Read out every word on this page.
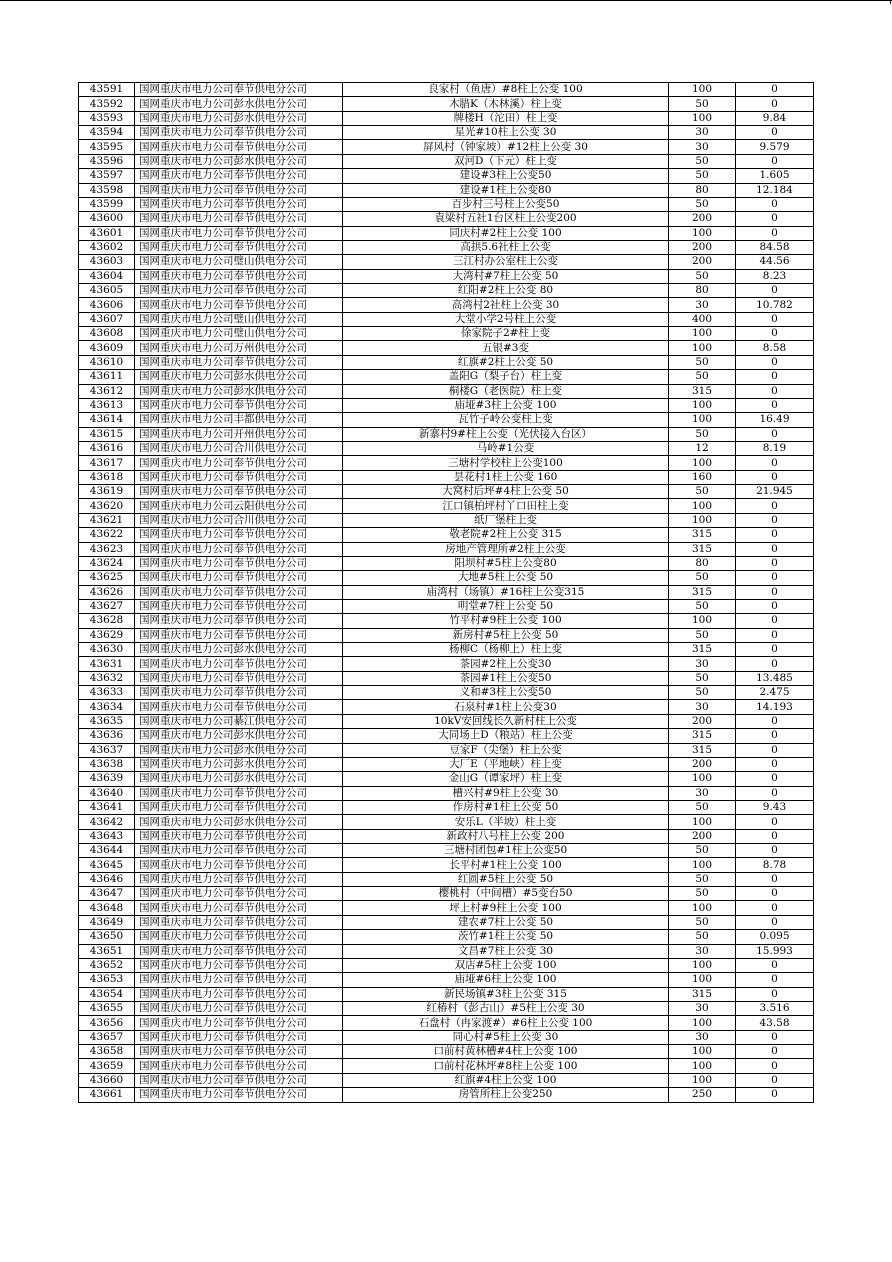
43591	国网重庆市电力公司奉节供电分公司	良家村（鱼唐）#8柱上公变 100	100	0
43592	国网重庆市电力公司彭水供电分公司	木腊K（木林溪）柱上变	50	0
43593	国网重庆市电力公司彭水供电分公司	牌楼H（沱田）柱上变	100	9.84
43594	国网重庆市电力公司奉节供电分公司	星光#10柱上公变 30	30	0
43595	国网重庆市电力公司奉节供电分公司	屏风村（钟家坡）#12柱上公变 30	30	9.579
43596	国网重庆市电力公司彭水供电分公司	双河D（下元）柱上变	50	0
43597	国网重庆市电力公司奉节供电分公司	建设#3柱上公变50	50	1.605
43598	国网重庆市电力公司奉节供电分公司	建设#1柱上公变80	80	12.184
43599	国网重庆市电力公司奉节供电分公司	百步村三号柱上公变50	50	0
43600	国网重庆市电力公司奉节供电分公司	袁梁村五社1台区柱上公变200	200	0
43601	国网重庆市电力公司奉节供电分公司	同庆村#2柱上公变 100	100	0
43602	国网重庆市电力公司奉节供电分公司	高拱5.6社柱上公变	200	84.58
43603	国网重庆市电力公司璧山供电分公司	三江村办公室柱上公变	200	44.56
43604	国网重庆市电力公司奉节供电分公司	大湾村#7柱上公变 50	50	8.23
43605	国网重庆市电力公司奉节供电分公司	红阳#2柱上公变 80	80	0
43606	国网重庆市电力公司奉节供电分公司	高湾村2社柱上公变 30	30	10.782
43607	国网重庆市电力公司璧山供电分公司	大堂小学2号柱上公变	400	0
43608	国网重庆市电力公司璧山供电分公司	徐家院子2#柱上变	100	0
43609	国网重庆市电力公司万州供电分公司	五银#3变	100	8.58
43610	国网重庆市电力公司奉节供电分公司	红旗#2柱上公变 50	50	0
43611	国网重庆市电力公司彭水供电分公司	盖阳G（梨子台）柱上变	50	0
43612	国网重庆市电力公司彭水供电分公司	桐楼G（老医院）柱上变	315	0
43613	国网重庆市电力公司奉节供电分公司	庙垭#3柱上公变 100	100	0
43614	国网重庆市电力公司丰都供电分公司	瓦竹子岭公变柱上变	100	16.49
43615	国网重庆市电力公司开州供电分公司	新寨村9#柱上公变（光伏接入台区）	50	0
43616	国网重庆市电力公司合川供电分公司	马岭#1公变	12	8.19
43617	国网重庆市电力公司奉节供电分公司	三塘村学校柱上公变100	100	0
43618	国网重庆市电力公司奉节供电分公司	昙花村1柱上公变 160	160	0
43619	国网重庆市电力公司奉节供电分公司	大窝村后坪#4柱上公变 50	50	21.945
43620	国网重庆市电力公司云阳供电分公司	江口镇柏坪村丫口田柱上变	100	0
43621	国网重庆市电力公司合川供电分公司	纸厂堡柱上变	100	0
43622	国网重庆市电力公司奉节供电分公司	敬老院#2柱上公变 315	315	0
43623	国网重庆市电力公司奉节供电分公司	房地产管理所#2柱上公变	315	0
43624	国网重庆市电力公司奉节供电分公司	阳坝村#5柱上公变80	80	0
43625	国网重庆市电力公司奉节供电分公司	大地#5柱上公变 50	50	0
43626	国网重庆市电力公司奉节供电分公司	庙湾村（场镇）#16柱上公变315	315	0
43627	国网重庆市电力公司奉节供电分公司	明堂#7柱上公变 50	50	0
43628	国网重庆市电力公司奉节供电分公司	竹平村#9柱上公变 100	100	0
43629	国网重庆市电力公司奉节供电分公司	新房村#5柱上公变 50	50	0
43630	国网重庆市电力公司彭水供电分公司	杨柳C（杨柳上）柱上变	315	0
43631	国网重庆市电力公司奉节供电分公司	茶园#2柱上公变30	30	0
43632	国网重庆市电力公司奉节供电分公司	茶园#1柱上公变50	50	13.485
43633	国网重庆市电力公司奉节供电分公司	义和#3柱上公变50	50	2.475
43634	国网重庆市电力公司奉节供电分公司	石泉村#1柱上公变30	30	14.193
43635	国网重庆市电力公司綦江供电分公司	10kV安回线长久新村柱上公变	200	0
43636	国网重庆市电力公司彭水供电分公司	大同场上D（粮站）柱上公变	315	0
43637	国网重庆市电力公司彭水供电分公司	豆家F（尖堡）柱上公变	315	0
43638	国网重庆市电力公司彭水供电分公司	大厂E（平地峡）柱上变	200	0
43639	国网重庆市电力公司彭水供电分公司	金山G（谭家坪）柱上变	100	0
43640	国网重庆市电力公司奉节供电分公司	槽兴村#9柱上公变 30	30	0
43641	国网重庆市电力公司奉节供电分公司	作房村#1柱上公变 50	50	9.43
43642	国网重庆市电力公司彭水供电分公司	安乐L（半坡）柱上变	100	0
43643	国网重庆市电力公司奉节供电分公司	新政村八号柱上公变 200	200	0
43644	国网重庆市电力公司奉节供电分公司	三塘村团包#1柱上公变50	50	0
43645	国网重庆市电力公司奉节供电分公司	长平村#1柱上公变 100	100	8.78
43646	国网重庆市电力公司奉节供电分公司	红圆#5柱上公变 50	50	0
43647	国网重庆市电力公司奉节供电分公司	樱桃村（中间槽）#5变台50	50	0
43648	国网重庆市电力公司奉节供电分公司	坪上村#9柱上公变 100	100	0
43649	国网重庆市电力公司奉节供电分公司	建农#7柱上公变 50	50	0
43650	国网重庆市电力公司奉节供电分公司	茨竹#1柱上公变 50	50	0.095
43651	国网重庆市电力公司奉节供电分公司	文昌#7柱上公变 30	30	15.993
43652	国网重庆市电力公司奉节供电分公司	双店#5柱上公变 100	100	0
43653	国网重庆市电力公司奉节供电分公司	庙垭#6柱上公变 100	100	0
43654	国网重庆市电力公司奉节供电分公司	新民场镇#3柱上公变 315	315	0
43655	国网重庆市电力公司奉节供电分公司	红椿村（彭古山）#5柱上公变 30	30	3.516
43656	国网重庆市电力公司奉节供电分公司	石盘村（冉家渡#）#6柱上公变 100	100	43.58
43657	国网重庆市电力公司奉节供电分公司	同心村#5柱上公变 30	30	0
43658	国网重庆市电力公司奉节供电分公司	口前村黄林槽#4柱上公变 100	100	0
43659	国网重庆市电力公司奉节供电分公司	口前村花林坪#8柱上公变 100	100	0
43660	国网重庆市电力公司奉节供电分公司	红旗#4柱上公变 100	100	0
43661	国网重庆市电力公司奉节供电分公司	房管所柱上公变250	250	0
